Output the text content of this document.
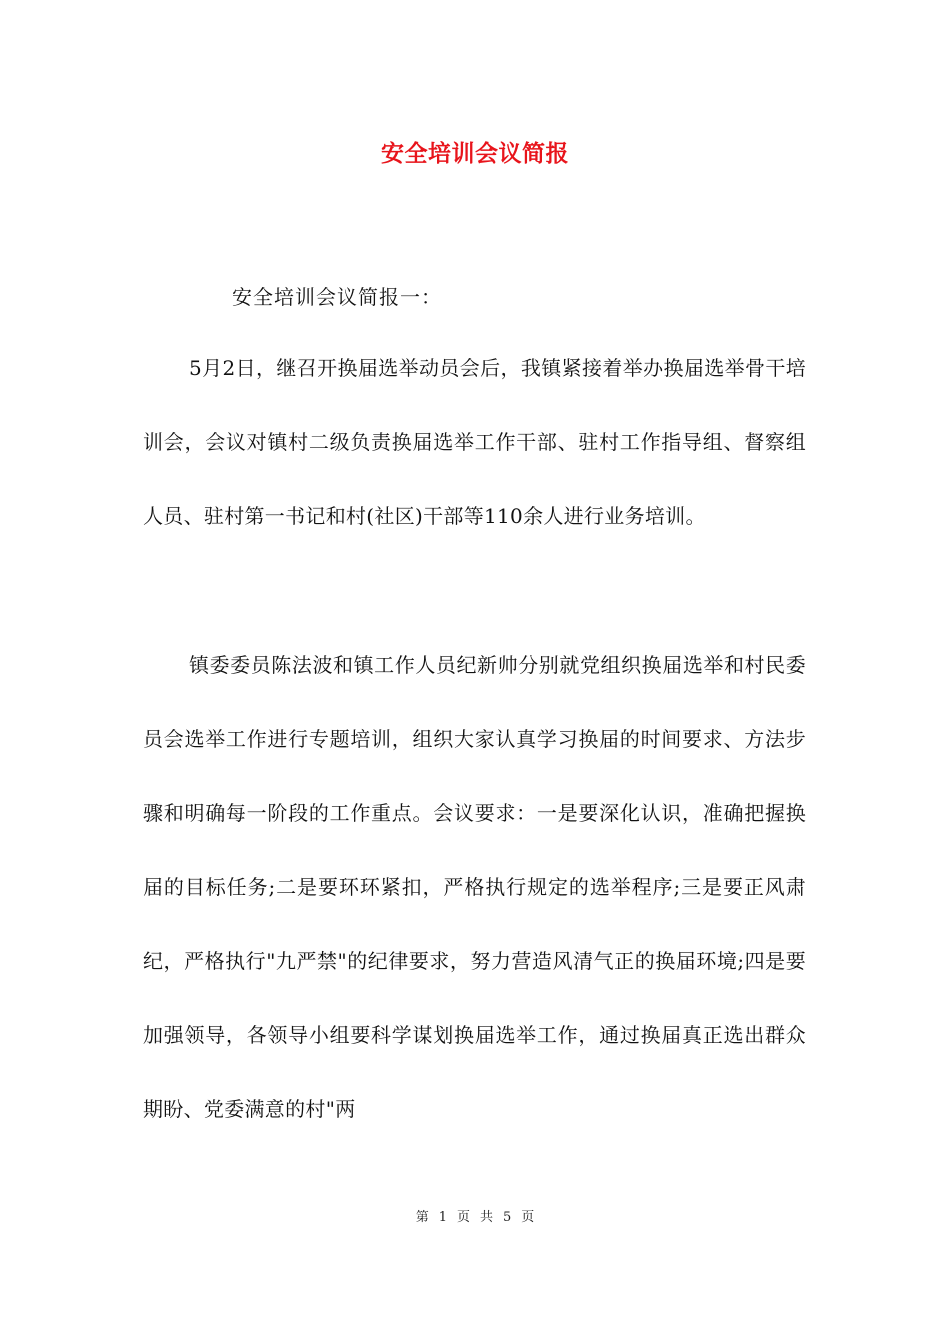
安全培训会议简报

安全培训会议简报一：

5月2日，继召开换届选举动员会后，我镇紧接着举办换届选举骨干培训会，会议对镇村二级负责换届选举工作干部、驻村工作指导组、督察组人员、驻村第一书记和村(社区)干部等110余人进行业务培训。

镇委委员陈法波和镇工作人员纪新帅分别就党组织换届选举和村民委员会选举工作进行专题培训，组织大家认真学习换届的时间要求、方法步骤和明确每一阶段的工作重点。会议要求：一是要深化认识，准确把握换届的目标任务;二是要环环紧扣，严格执行规定的选举程序;三是要正风肃纪，严格执行"九严禁"的纪律要求，努力营造风清气正的换届环境;四是要加强领导，各领导小组要科学谋划换届选举工作，通过换届真正选出群众期盼、党委满意的村"两

第 1 页 共 5 页
